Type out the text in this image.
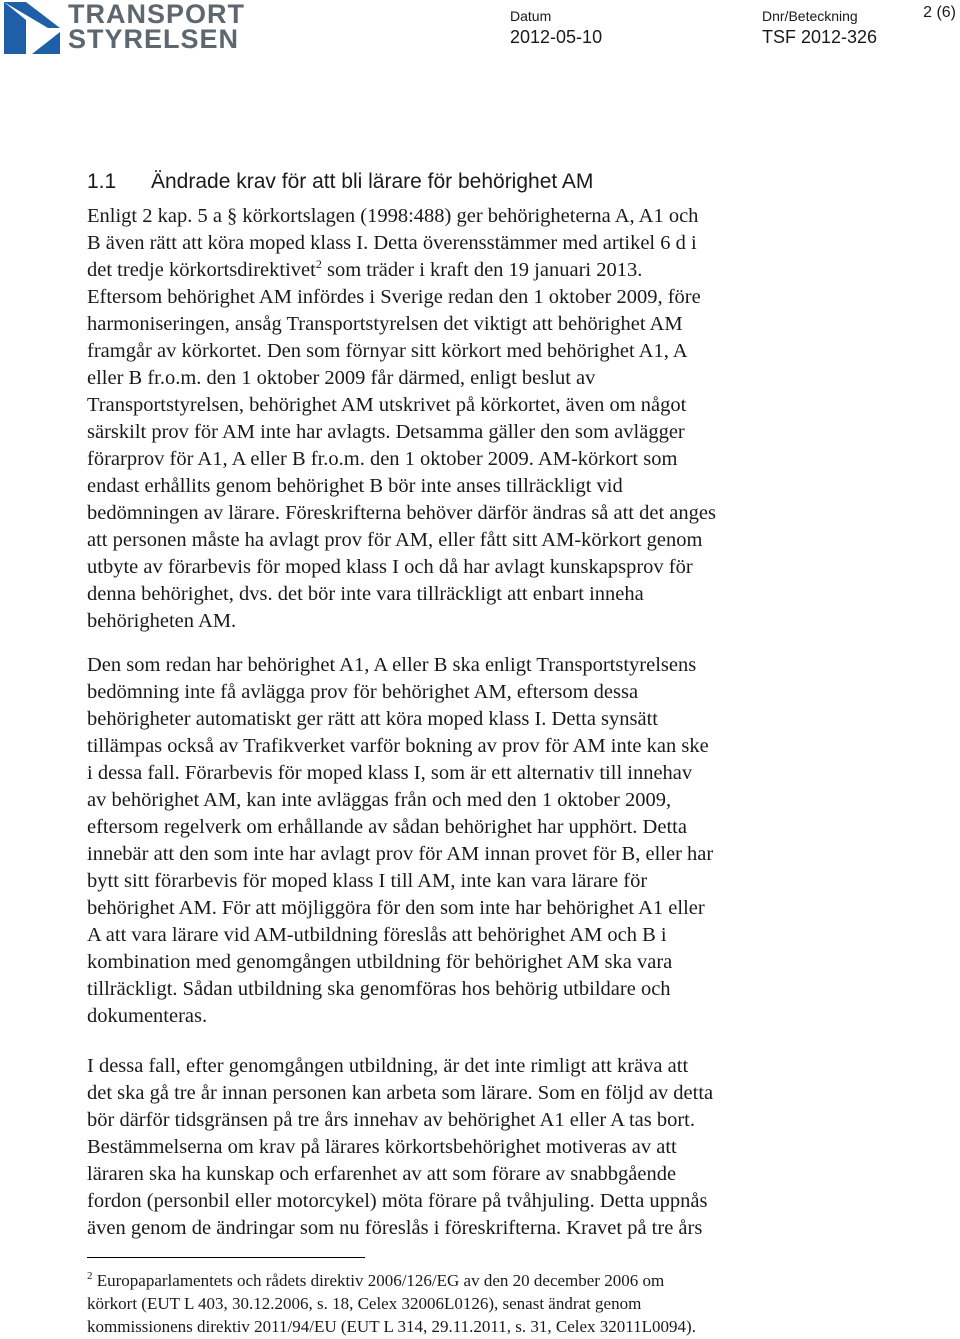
TRANSPORT
STYRELSEN
Datum
2012-05-10
Dnr/Beteckning
TSF 2012-326
2 (6)
1.1 Ändrade krav för att bli lärare för behörighet AM
Enligt 2 kap. 5 a § körkortslagen (1998:488) ger behörigheterna A, A1 och
B även rätt att köra moped klass I. Detta överensstämmer med artikel 6 d i
det tredje körkortsdirektivet$^2$ som träder i kraft den 19 januari 2013.
Eftersom behörighet AM infördes i Sverige redan den 1 oktober 2009, före
harmoniseringen, ansåg Transportstyrelsen det viktigt att behörighet AM
framgår av körkortet. Den som förnyar sitt körkort med behörighet A1, A
eller B fr.o.m. den 1 oktober 2009 får därmed, enligt beslut av
Transportstyrelsen, behörighet AM utskrivet på körkortet, även om något
särskilt prov för AM inte har avlagts. Detsamma gäller den som avlägger
förarprov för A1, A eller B fr.o.m. den 1 oktober 2009. AM-körkort som
endast erhållits genom behörighet B bör inte anses tillräckligt vid
bedömningen av lärare. Föreskrifterna behöver därför ändras så att det anges
att personen måste ha avlagt prov för AM, eller fått sitt AM-körkort genom
utbyte av förarbevis för moped klass I och då har avlagt kunskapsprov för
denna behörighet, dvs. det bör inte vara tillräckligt att enbart inneha
behörigheten AM.
Den som redan har behörighet A1, A eller B ska enligt Transportstyrelsens
bedömning inte få avlägga prov för behörighet AM, eftersom dessa
behörigheter automatiskt ger rätt att köra moped klass I. Detta synsätt
tillämpas också av Trafikverket varför bokning av prov för AM inte kan ske
i dessa fall. Förarbevis för moped klass I, som är ett alternativ till innehav
av behörighet AM, kan inte avläggas från och med den 1 oktober 2009,
eftersom regelverk om erhållande av sådan behörighet har upphört. Detta
innebär att den som inte har avlagt prov för AM innan provet för B, eller har
bytt sitt förarbevis för moped klass I till AM, inte kan vara lärare för
behörighet AM. För att möjliggöra för den som inte har behörighet A1 eller
A att vara lärare vid AM-utbildning föreslås att behörighet AM och B i
kombination med genomgången utbildning för behörighet AM ska vara
tillräckligt. Sådan utbildning ska genomföras hos behörig utbildare och
dokumenteras.
I dessa fall, efter genomgången utbildning, är det inte rimligt att kräva att
det ska gå tre år innan personen kan arbeta som lärare. Som en följd av detta
bör därför tidsgränsen på tre års innehav av behörighet A1 eller A tas bort.
Bestämmelserna om krav på lärares körkortsbehörighet motiveras av att
läraren ska ha kunskap och erfarenhet av att som förare av snabbgående
fordon (personbil eller motorcykel) möta förare på tvåhjuling. Detta uppnås
även genom de ändringar som nu föreslås i föreskrifterna. Kravet på tre års
$^2$ Europaparlamentets och rådets direktiv 2006/126/EG av den 20 december 2006 om
körkort (EUT L 403, 30.12.2006, s. 18, Celex 32006L0126), senast ändrat genom
kommissionens direktiv 2011/94/EU (EUT L 314, 29.11.2011, s. 31, Celex 32011L0094).
